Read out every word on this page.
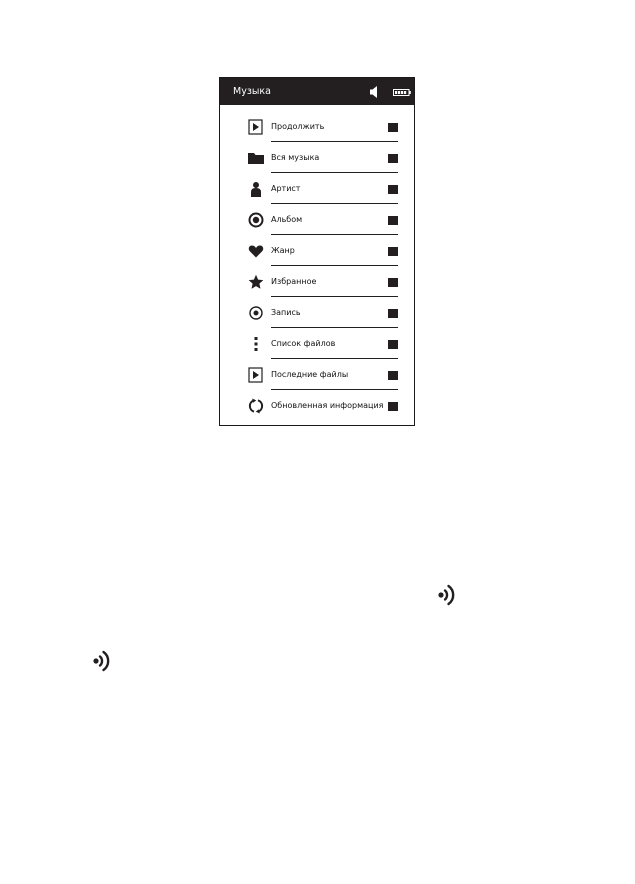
Музыка
Продолжить
Вся музыка
Артист
Альбом
Жанр
Избранное
Запись
Список файлов
Последние файлы
Обновленная информация
